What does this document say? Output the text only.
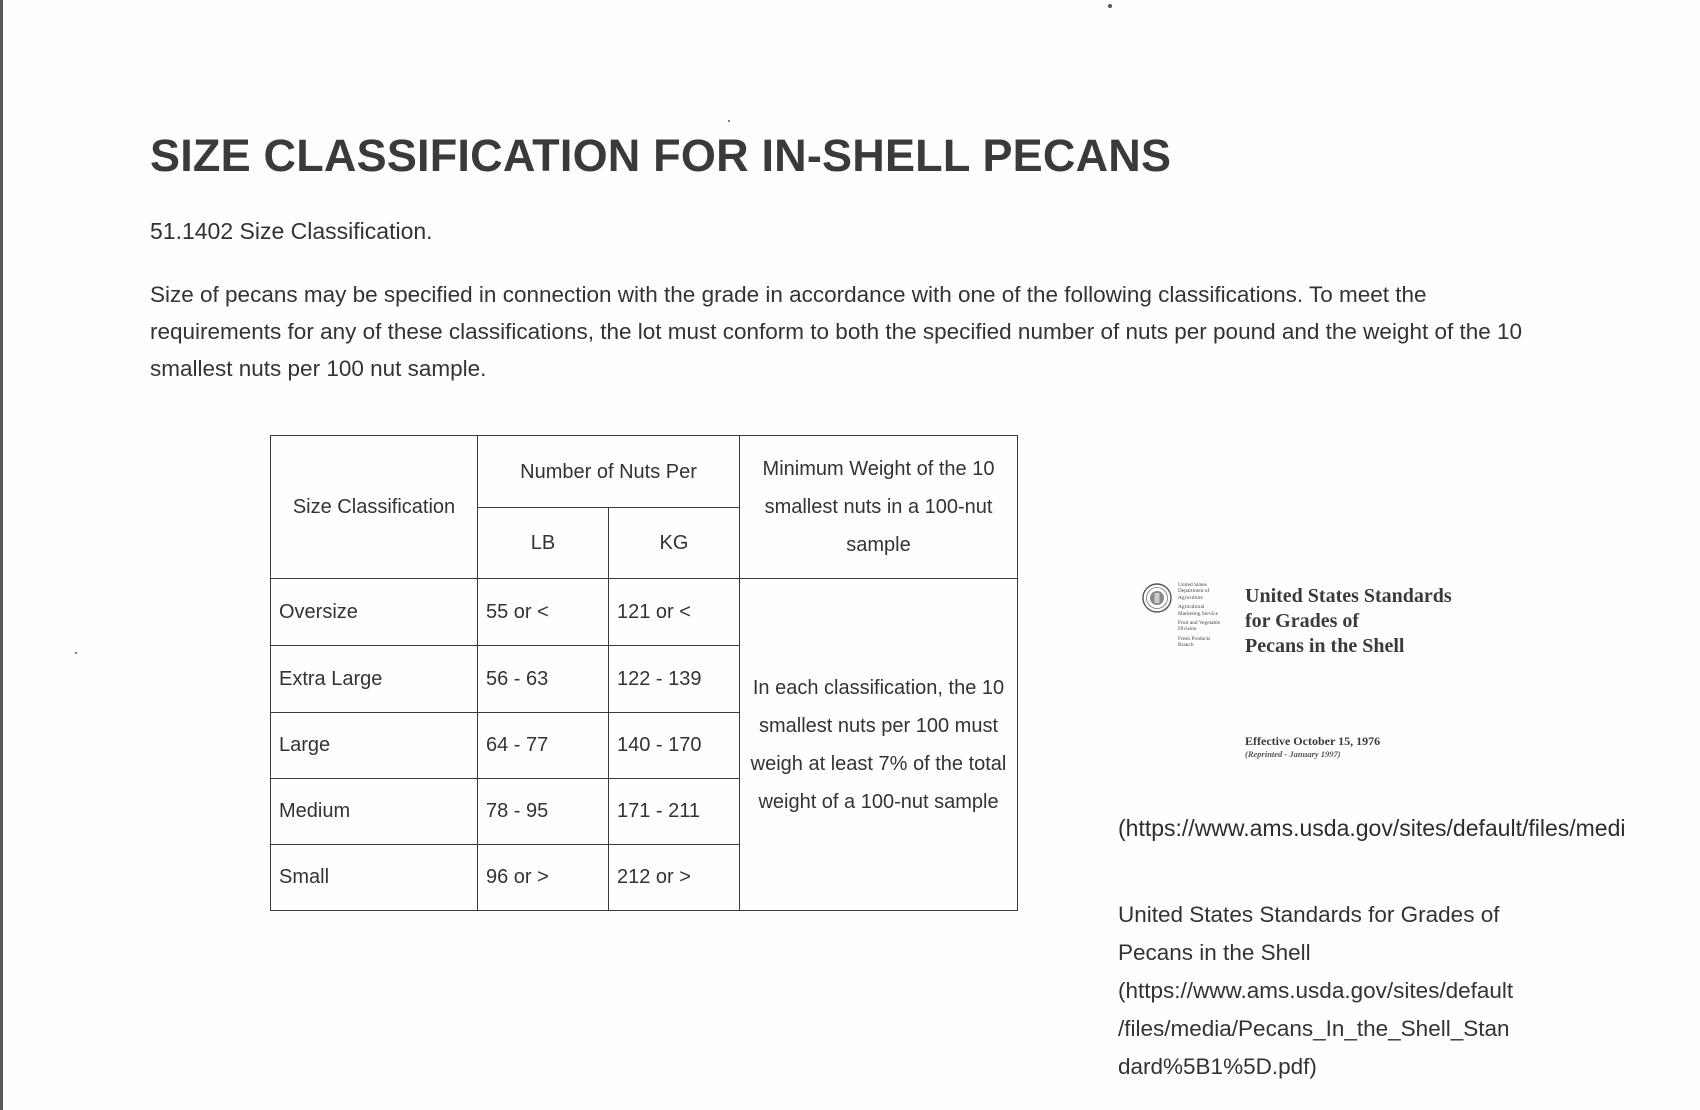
SIZE CLASSIFICATION FOR IN-SHELL PECANS
51.1402 Size Classification.

Size of pecans may be specified in connection with the grade in accordance with one of the following classifications. To meet the requirements for any of these classifications, the lot must conform to both the specified number of nuts per pound and the weight of the 10 smallest nuts per 100 nut sample.

Size Classification	Number of Nuts Per		Minimum Weight of the 10 smallest nuts in a 100-nut sample
	LB	KG	
Oversize	55 or <	121 or <	In each classification, the 10 smallest nuts per 100 must weigh at least 7% of the total weight of a 100-nut sample
Extra Large	56 - 63	122 - 139	
Large	64 - 77	140 - 170	
Medium	78 - 95	171 - 211	
Small	96 or >	212 or >	
United States Department of Agriculture
Agricultural Marketing Service
Fruit and Vegetable Division
Fresh Products Branch
United States Standards
for Grades of
Pecans in the Shell
Effective October 15, 1976
(Reprinted - January 1997)
(https://www.ams.usda.gov/sites/default/files/medi

United States Standards for Grades of
Pecans in the Shell
(https://www.ams.usda.gov/sites/default
/files/media/Pecans_In_the_Shell_Stan
dard%5B1%5D.pdf)
